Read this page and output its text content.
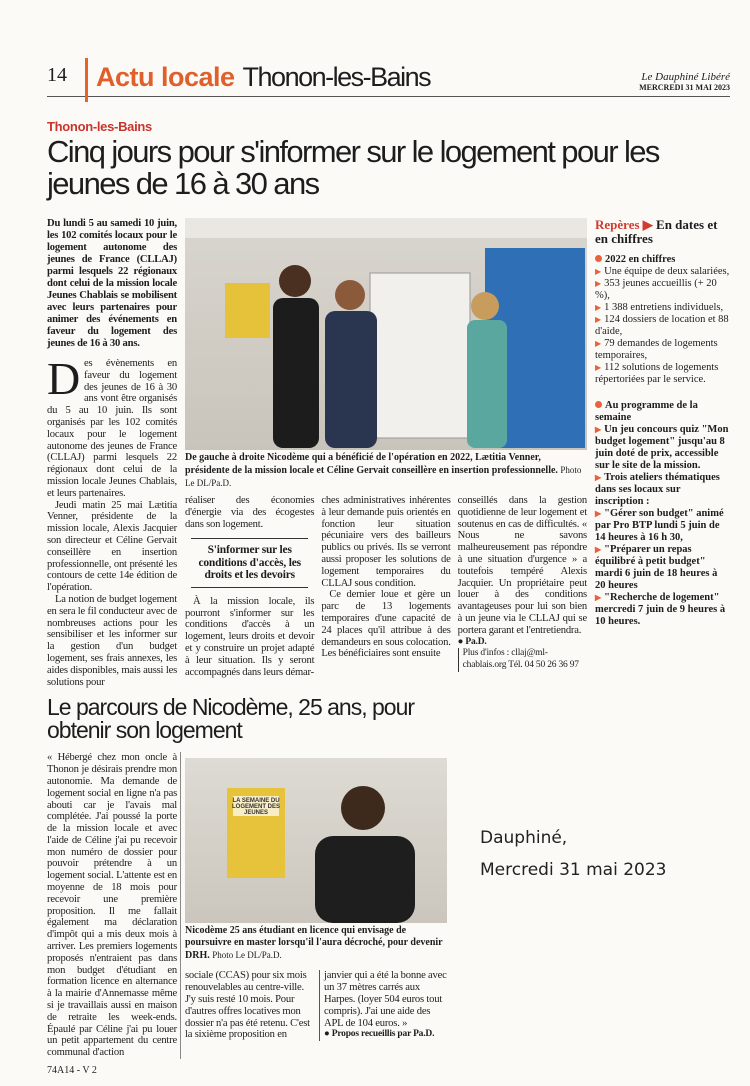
14	Actu locale Thonon-les-Bains	Le Dauphiné Libéré
MERCREDI 31 MAI 2023
Thonon-les-Bains
Cinq jours pour s'informer sur le logement pour les jeunes de 16 à 30 ans
Du lundi 5 au samedi 10 juin, les 102 comités locaux pour le logement autonome des jeunes de France (CLLAJ) parmi lesquels 22 régionaux dont celui de la mission locale Jeunes Chablais se mobilisent avec leurs partenaires pour animer des événements en faveur du logement des jeunes de 16 à 30 ans.
D es évènements en faveur du logement des jeunes de 16 à 30 ans vont être organisés du 5 au 10 juin. Ils sont organisés par les 102 comités locaux pour le logement autonome des jeunes de France (CLLAJ) parmi lesquels 22 régionaux dont celui de la mission locale Jeunes Chablais, et leurs partenaires.

Jeudi matin 25 mai Lætitia Venner, présidente de la mission locale, Alexis Jacquier son directeur et Céline Gervait conseillère en insertion professionnelle, ont présenté les contours de cette 14e édition de l'opération.

La notion de budget logement en sera le fil conducteur avec de nombreuses actions pour les sensibiliser et les informer sur la gestion d'un budget logement, ses frais annexes, les aides disponibles, mais aussi les solutions pour

De gauche à droite Nicodème qui a bénéficié de l'opération en 2022, Lætitia Venner, présidente de la mission locale et Céline Gervait conseillère en insertion professionnelle. Photo Le DL/Pa.D.

réaliser des économies d'énergie via des écogestes dans son logement.

S'informer sur les conditions d'accès, les droits et les devoirs

À la mission locale, ils pourront s'informer sur les conditions d'accès à un logement, leurs droits et devoir et y construire un projet adapté à leur situation. Ils y seront accompagnés dans leurs démar-

ches administratives inhérentes à leur demande puis orientés en fonction leur situation pécuniaire vers des bailleurs publics ou privés. Ils se verront aussi proposer les solutions de logement temporaires du CLLAJ sous condition.

Ce dernier loue et gère un parc de 13 logements temporaires d'une capacité de 24 places qu'il attribue à des demandeurs en sous colocation. Les bénéficiaires sont ensuite

conseillés dans la gestion quotidienne de leur logement et soutenus en cas de difficultés. « Nous ne savons malheureusement pas répondre à une situation d'urgence » a toutefois tempéré Alexis Jacquier. Un propriétaire peut louer à des conditions avantageuses pour lui son bien à un jeune via le CLLAJ qui se portera garant et l'entretiendra.

● Pa.D.

Plus d'infos : cllaj@ml-chablais.org Tél. 04 50 26 36 97

Repères ▶ En dates et en chiffres
2022 en chiffres
▶ Une équipe de deux salariées,
▶ 353 jeunes accueillis (+ 20 %),
▶ 1 388 entretiens individuels,
▶ 124 dossiers de location et 88 d'aide,
▶ 79 demandes de logements temporaires,
▶ 112 solutions de logements répertoriées par le service.
Au programme de la semaine
▶ Un jeu concours quiz "Mon budget logement" jusqu'au 8 juin doté de prix, accessible sur le site de la mission.
▶ Trois ateliers thématiques dans ses locaux sur inscription :
▶ "Gérer son budget" animé par Pro BTP lundi 5 juin de 14 heures à 16 h 30,
▶ "Préparer un repas équilibré à petit budget" mardi 6 juin de 18 heures à 20 heures
▶ "Recherche de logement" mercredi 7 juin de 9 heures à 10 heures.
Le parcours de Nicodème, 25 ans, pour obtenir son logement
« Hébergé chez mon oncle à Thonon je désirais prendre mon autonomie. Ma demande de logement social en ligne n'a pas abouti car je l'avais mal complétée. J'ai poussé la porte de la mission locale et avec l'aide de Céline j'ai pu recevoir mon numéro de dossier pour pouvoir prétendre à un logement social. L'attente est en moyenne de 18 mois pour recevoir une première proposition. Il me fallait également ma déclaration d'impôt qui a mis deux mois à arriver. Les premiers logements proposés n'entraient pas dans mon budget d'étudiant en formation licence en alternance à la mairie d'Annemasse même si je travaillais aussi en maison de retraite les week-ends. Épaulé par Céline j'ai pu louer un petit appartement du centre communal d'action
LA SEMAINE DU LOGEMENT DES JEUNES
Nicodème 25 ans étudiant en licence qui envisage de poursuivre en master lorsqu'il l'aura décroché, pour devenir DRH. Photo Le DL/Pa.D.
sociale (CCAS) pour six mois renouvelables au centre-ville. J'y suis resté 10 mois. Pour d'autres offres locatives mon dossier n'a pas été retenu. C'est la sixième proposition en
janvier qui a été la bonne avec un 37 mètres carrés aux Harpes. (loyer 504 euros tout compris). J'ai une aide des APL de 104 euros. »
● Propos recueillis par Pa.D.
Dauphiné,
Mercredi 31 mai 2023
74A14 - V 2
